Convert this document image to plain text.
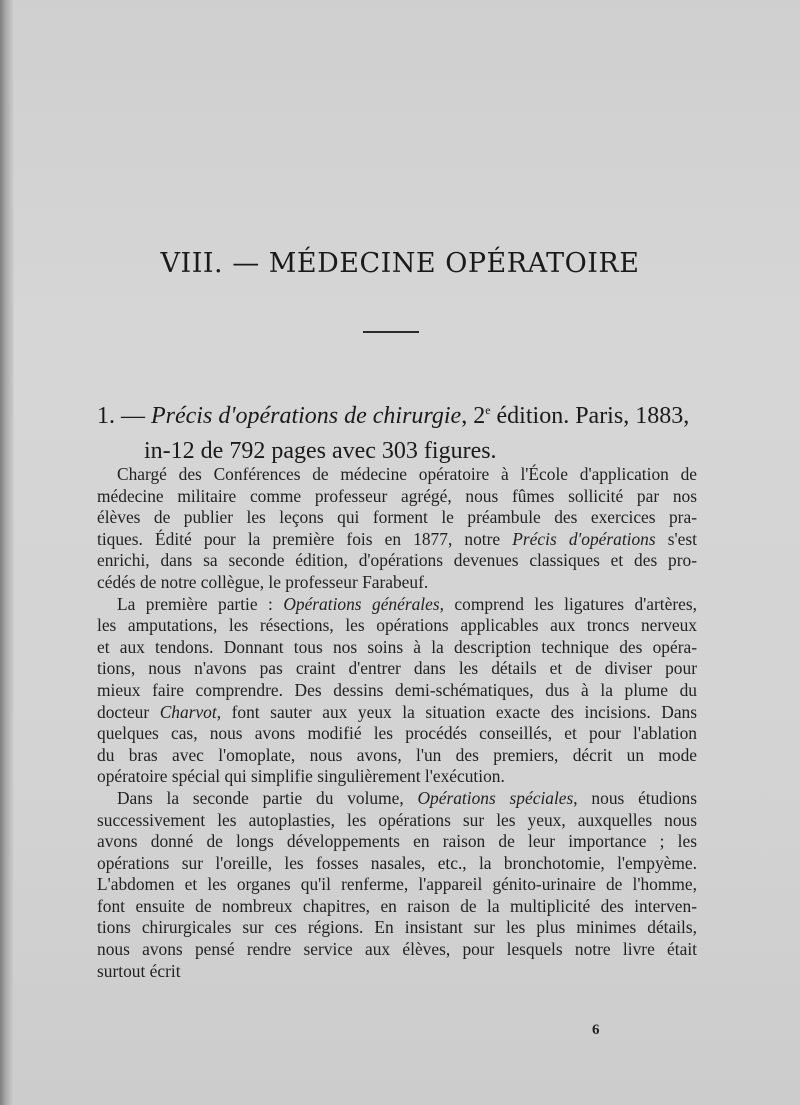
VIII. — MÉDECINE OPÉRATOIRE
1. — Précis d'opérations de chirurgie, 2e édition. Paris, 1883,
in-12 de 792 pages avec 303 figures.
Chargé des Conférences de médecine opératoire à l'École d'application de
médecine militaire comme professeur agrégé, nous fûmes sollicité par nos
élèves de publier les leçons qui forment le préambule des exercices pra-
tiques. Édité pour la première fois en 1877, notre Précis d'opérations s'est
enrichi, dans sa seconde édition, d'opérations devenues classiques et des pro-
cédés de notre collègue, le professeur Farabeuf.
La première partie : Opérations générales, comprend les ligatures d'artères,
les amputations, les résections, les opérations applicables aux troncs nerveux
et aux tendons. Donnant tous nos soins à la description technique des opéra-
tions, nous n'avons pas craint d'entrer dans les détails et de diviser pour
mieux faire comprendre. Des dessins demi-schématiques, dus à la plume du
docteur Charvot, font sauter aux yeux la situation exacte des incisions. Dans
quelques cas, nous avons modifié les procédés conseillés, et pour l'ablation
du bras avec l'omoplate, nous avons, l'un des premiers, décrit un mode
opératoire spécial qui simplifie singulièrement l'exécution.
Dans la seconde partie du volume, Opérations spéciales, nous étudions
successivement les autoplasties, les opérations sur les yeux, auxquelles nous
avons donné de longs développements en raison de leur importance ; les
opérations sur l'oreille, les fosses nasales, etc., la bronchotomie, l'empyème.
L'abdomen et les organes qu'il renferme, l'appareil génito-urinaire de l'homme,
font ensuite de nombreux chapitres, en raison de la multiplicité des interven-
tions chirurgicales sur ces régions. En insistant sur les plus minimes détails,
nous avons pensé rendre service aux élèves, pour lesquels notre livre était
surtout écrit
6
